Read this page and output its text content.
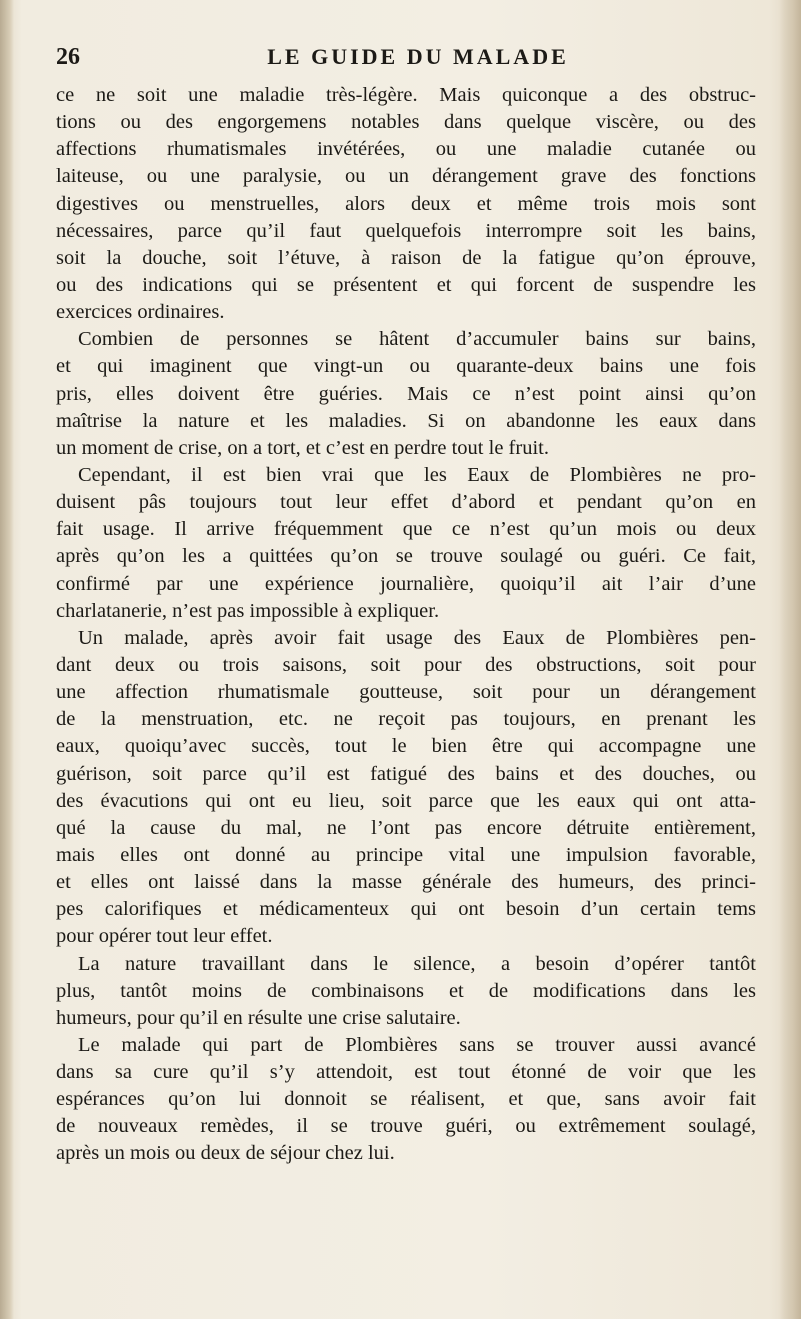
26	LE GUIDE DU MALADE
ce ne soit une maladie très-légère. Mais quiconque a des obstruc-
tions ou des engorgemens notables dans quelque viscère, ou des
affections rhumatismales invétérées, ou une maladie cutanée ou
laiteuse, ou une paralysie, ou un dérangement grave des fonctions
digestives ou menstruelles, alors deux et même trois mois sont
nécessaires, parce qu’il faut quelquefois interrompre soit les bains,
soit la douche, soit l’étuve, à raison de la fatigue qu’on éprouve,
ou des indications qui se présentent et qui forcent de suspendre les
exercices ordinaires.
Combien de personnes se hâtent d’accumuler bains sur bains,
et qui imaginent que vingt-un ou quarante-deux bains une fois
pris, elles doivent être guéries. Mais ce n’est point ainsi qu’on
maîtrise la nature et les maladies. Si on abandonne les eaux dans
un moment de crise, on a tort, et c’est en perdre tout le fruit.
Cependant, il est bien vrai que les Eaux de Plombières ne pro-
duisent pâs toujours tout leur effet d’abord et pendant qu’on en
fait usage. Il arrive fréquemment que ce n’est qu’un mois ou deux
après qu’on les a quittées qu’on se trouve soulagé ou guéri. Ce fait,
confirmé par une expérience journalière, quoiqu’il ait l’air d’une
charlatanerie, n’est pas impossible à expliquer.
Un malade, après avoir fait usage des Eaux de Plombières pen-
dant deux ou trois saisons, soit pour des obstructions, soit pour
une affection rhumatismale goutteuse, soit pour un dérangement
de la menstruation, etc. ne reçoit pas toujours, en prenant les
eaux, quoiqu’avec succès, tout le bien être qui accompagne une
guérison, soit parce qu’il est fatigué des bains et des douches, ou
des évacutions qui ont eu lieu, soit parce que les eaux qui ont atta-
qué la cause du mal, ne l’ont pas encore détruite entièrement,
mais elles ont donné au principe vital une impulsion favorable,
et elles ont laissé dans la masse générale des humeurs, des princi-
pes calorifiques et médicamenteux qui ont besoin d’un certain tems
pour opérer tout leur effet.
La nature travaillant dans le silence, a besoin d’opérer tantôt
plus, tantôt moins de combinaisons et de modifications dans les
humeurs, pour qu’il en résulte une crise salutaire.
Le malade qui part de Plombières sans se trouver aussi avancé
dans sa cure qu’il s’y attendoit, est tout étonné de voir que les
espérances qu’on lui donnoit se réalisent, et que, sans avoir fait
de nouveaux remèdes, il se trouve guéri, ou extrêmement soulagé,
après un mois ou deux de séjour chez lui.
